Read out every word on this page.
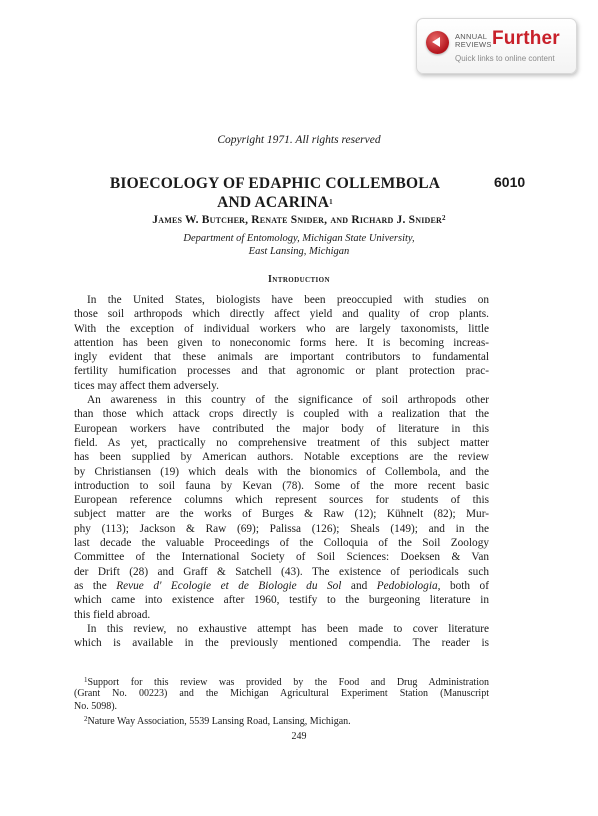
ANNUAL
REVIEWS Further
Quick links to online content
Copyright 1971. All rights reserved
BIOECOLOGY OF EDAPHIC COLLEMBOLA
AND ACARINA$^1$
6010
James W. Butcher, Renate Snider, and Richard J. Snider$^2$
Department of Entomology, Michigan State University,
East Lansing, Michigan
Introduction
In the United States, biologists have been preoccupied with studies on
those soil arthropods which directly affect yield and quality of crop plants.
With the exception of individual workers who are largely taxonomists, little
attention has been given to noneconomic forms here. It is becoming increas-
ingly evident that these animals are important contributors to fundamental
fertility humification processes and that agronomic or plant protection prac-
tices may affect them adversely.
An awareness in this country of the significance of soil arthropods other
than those which attack crops directly is coupled with a realization that the
European workers have contributed the major body of literature in this
field. As yet, practically no comprehensive treatment of this subject matter
has been supplied by American authors. Notable exceptions are the review
by Christiansen (19) which deals with the bionomics of Collembola, and the
introduction to soil fauna by Kevan (78). Some of the more recent basic
European reference columns which represent sources for students of this
subject matter are the works of Burges & Raw (12); Kühnelt (82); Mur-
phy (113); Jackson & Raw (69); Palissa (126); Sheals (149); and in the
last decade the valuable Proceedings of the Colloquia of the Soil Zoology
Committee of the International Society of Soil Sciences: Doeksen & Van
der Drift (28) and Graff & Satchell (43). The existence of periodicals such
as the Revue d' Ecologie et de Biologie du Sol and Pedobiologia, both of
which came into existence after 1960, testify to the burgeoning literature in
this field abroad.
In this review, no exhaustive attempt has been made to cover literature
which is available in the previously mentioned compendia. The reader is
$^1$Support for this review was provided by the Food and Drug Administration
(Grant No. 00223) and the Michigan Agricultural Experiment Station (Manuscript
No. 5098).
$^2$Nature Way Association, 5539 Lansing Road, Lansing, Michigan.
249
